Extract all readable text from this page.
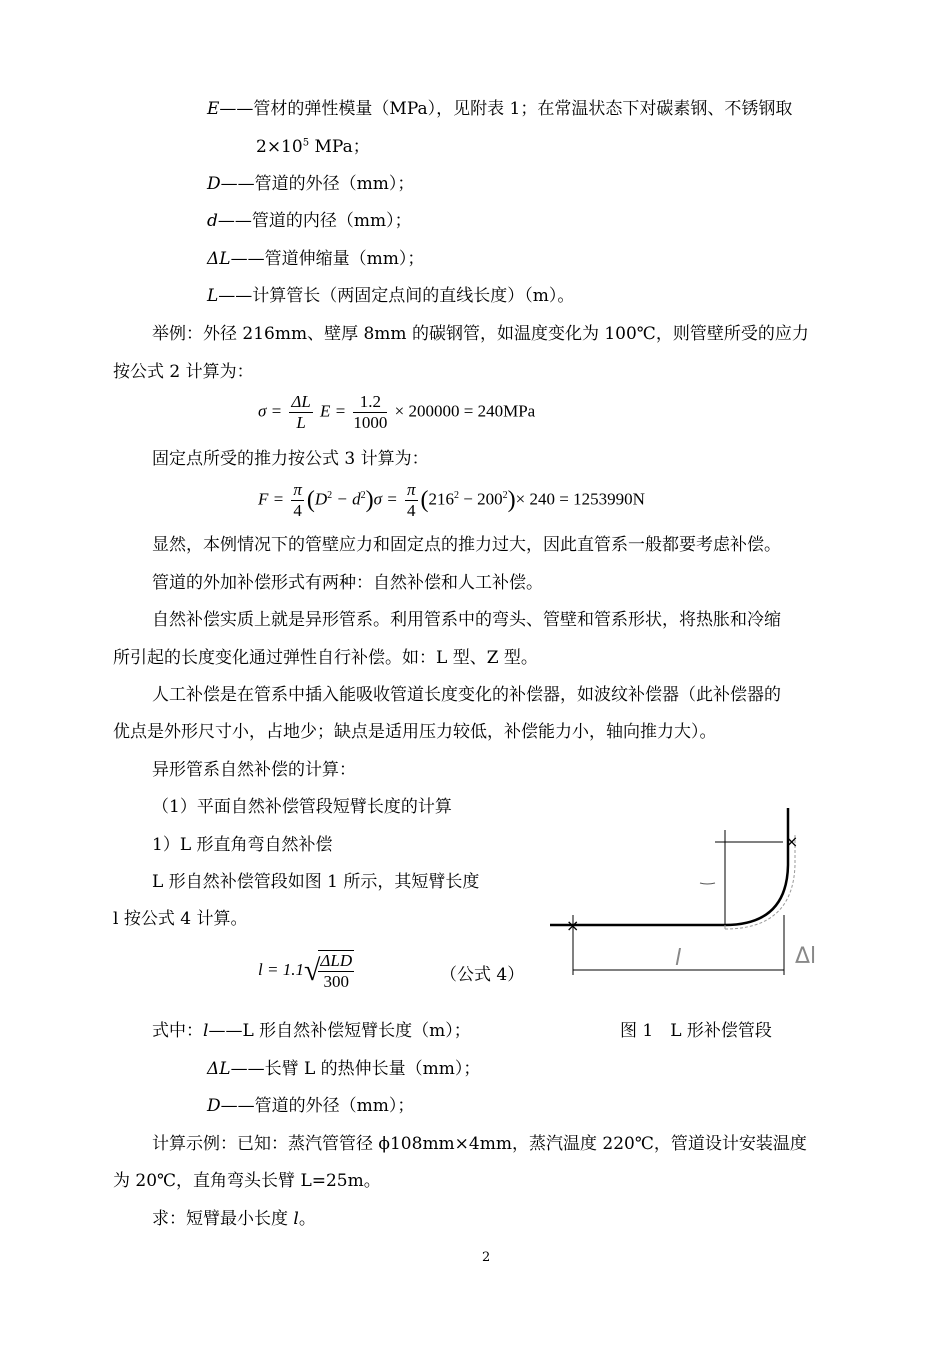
E——管材的弹性模量（MPa），见附表 1；在常温状态下对碳素钢、不锈钢取
$2\times 10^5$ MPa；
D——管道的外径（mm）；
d——管道的内径（mm）；
ΔL——管道伸缩量（mm）；
L——计算管长（两固定点间的直线长度）（m）。
举例：外径 216mm、壁厚 8mm 的碳钢管，如温度变化为 100℃，则管壁所受的应力
按公式 2 计算为：
$\sigma = \frac{\Delta L}{L}$ $E = \frac{1.2}{1000} \times 200000 = 240MPa$
固定点所受的推力按公式 3 计算为：
$F = \frac{\pi}{4} (D^2 - d^2)\sigma = \frac{\pi}{4} (216^2 - 200^2)\times 240 = 1253990N$
显然，本例情况下的管壁应力和固定点的推力过大，因此直管系一般都要考虑补偿。
管道的外加补偿形式有两种：自然补偿和人工补偿。
自然补偿实质上就是异形管系。利用管系中的弯头、管壁和管系形状，将热胀和冷缩
所引起的长度变化通过弹性自行补偿。如：L 型、Z 型。
人工补偿是在管系中插入能吸收管道长度变化的补偿器，如波纹补偿器（此补偿器的
优点是外形尺寸小，占地少；缺点是适用压力较低，补偿能力小，轴向推力大）。
异形管系自然补偿的计算：
（1）平面自然补偿管段短臂长度的计算
1）L 形直角弯自然补偿
L 形自然补偿管段如图 1 所示，其短臂长度
l 按公式 4 计算。
l = 1.1√
$\frac{\text{ΔLD}}{300}$	（公式 4）
×
×
l	Δl
式中：l——L 形自然补偿短臂长度（m）；	图 1　L 形补偿管段
ΔL——长臂 L 的热伸长量（mm）；
D——管道的外径（mm）；
计算示例：已知：蒸汽管管径 ϕ108mm×4mm，蒸汽温度 220℃，管道设计安装温度
为 20℃，直角弯头长臂 L=25m。
求：短臂最小长度 l。
2
